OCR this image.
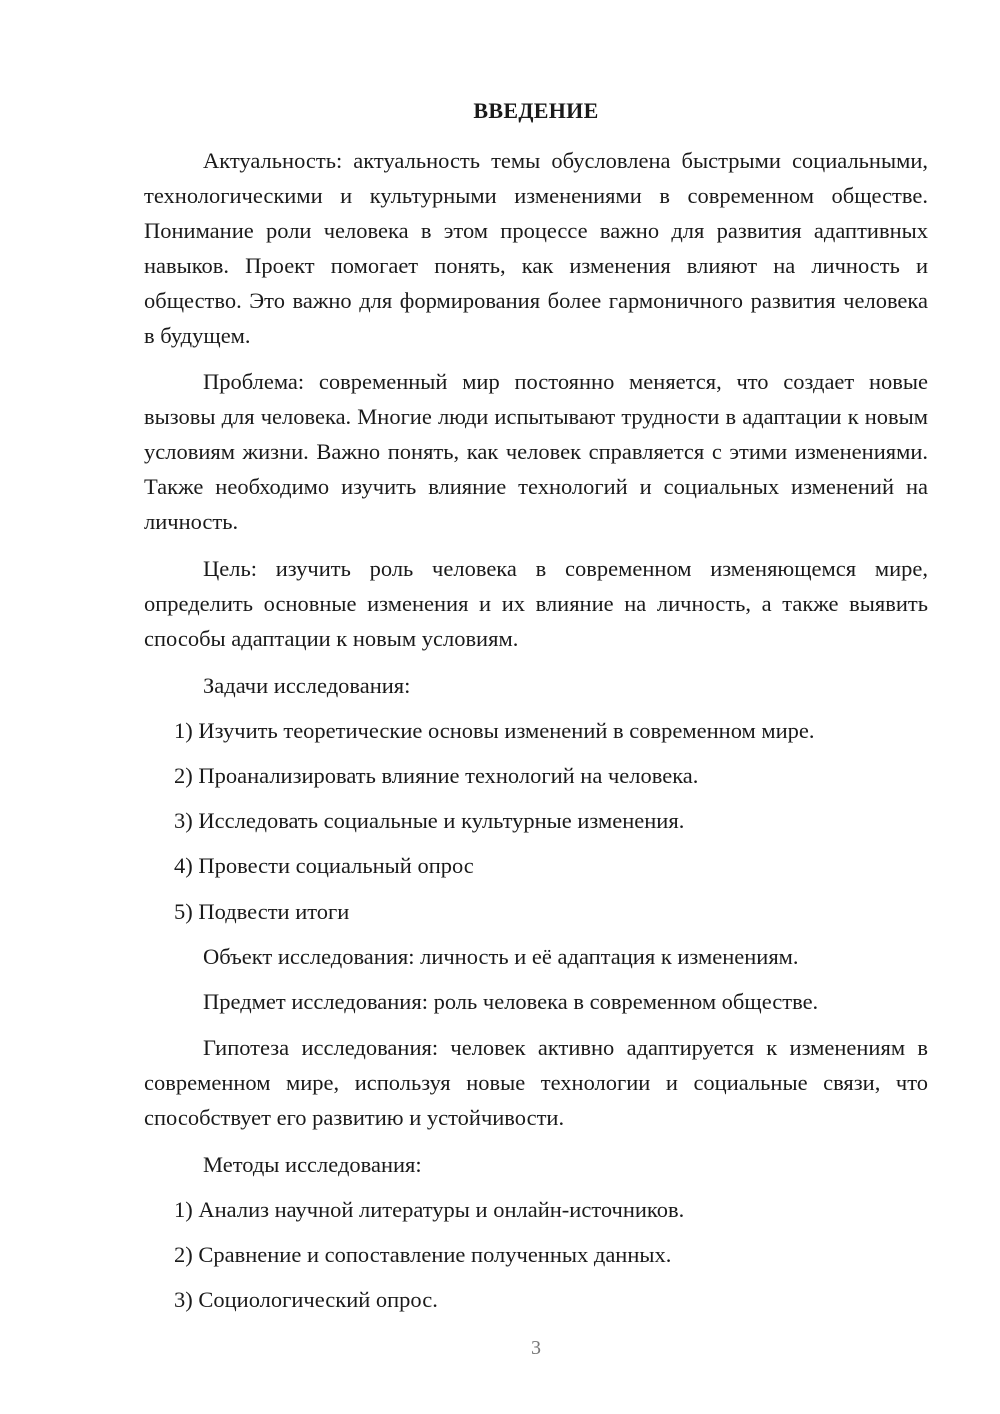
ВВЕДЕНИЕ

Актуальность: актуальность темы обусловлена быстрыми социальными, технологическими и культурными изменениями в современном обществе. Понимание роли человека в этом процессе важно для развития адаптивных навыков. Проект помогает понять, как изменения влияют на личность и общество. Это важно для формирования более гармоничного развития человека в будущем.

Проблема: современный мир постоянно меняется, что создает новые вызовы для человека. Многие люди испытывают трудности в адаптации к новым условиям жизни. Важно понять, как человек справляется с этими изменениями. Также необходимо изучить влияние технологий и социальных изменений на личность.

Цель: изучить роль человека в современном изменяющемся мире, определить основные изменения и их влияние на личность, а также выявить способы адаптации к новым условиям.

Задачи исследования:

1) Изучить теоретические основы изменений в современном мире.

2) Проанализировать влияние технологий на человека.

3) Исследовать социальные и культурные изменения.

4) Провести социальный опрос

5) Подвести итоги

Объект исследования: личность и её адаптация к изменениям.

Предмет исследования: роль человека в современном обществе.

Гипотеза исследования: человек активно адаптируется к изменениям в современном мире, используя новые технологии и социальные связи, что способствует его развитию и устойчивости.

Методы исследования:

1) Анализ научной литературы и онлайн-источников.

2) Сравнение и сопоставление полученных данных.

3) Социологический опрос.

3
